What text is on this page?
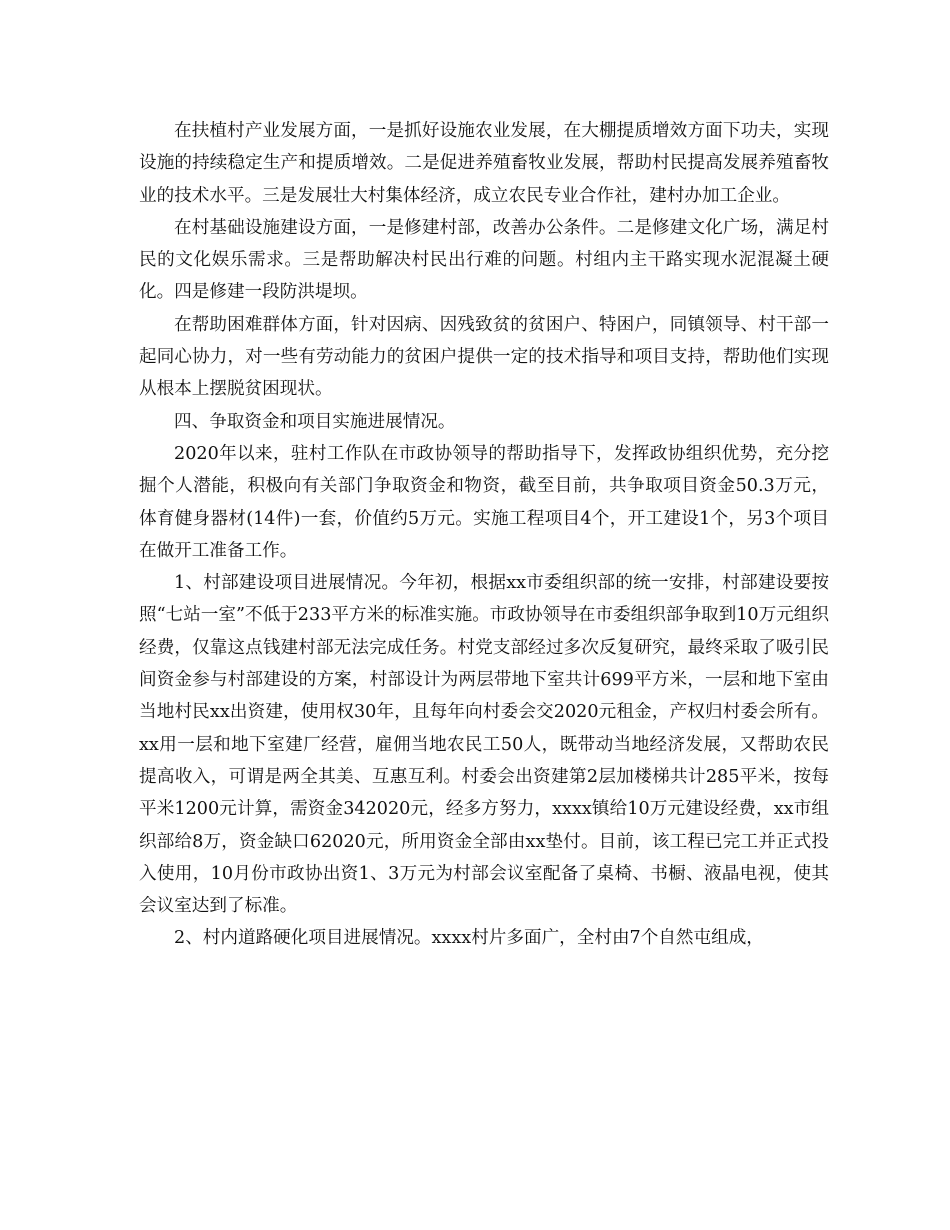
在扶植村产业发展方面，一是抓好设施农业发展，在大棚提质增效方面下功夫，实现设施的持续稳定生产和提质增效。二是促进养殖畜牧业发展，帮助村民提高发展养殖畜牧业的技术水平。三是发展壮大村集体经济，成立农民专业合作社，建村办加工企业。

在村基础设施建设方面，一是修建村部，改善办公条件。二是修建文化广场，满足村民的文化娱乐需求。三是帮助解决村民出行难的问题。村组内主干路实现水泥混凝土硬化。四是修建一段防洪堤坝。

在帮助困难群体方面，针对因病、因残致贫的贫困户、特困户，同镇领导、村干部一起同心协力，对一些有劳动能力的贫困户提供一定的技术指导和项目支持，帮助他们实现从根本上摆脱贫困现状。

四、争取资金和项目实施进展情况。

2020年以来，驻村工作队在市政协领导的帮助指导下，发挥政协组织优势，充分挖掘个人潜能，积极向有关部门争取资金和物资，截至目前，共争取项目资金50.3万元，体育健身器材(14件)一套，价值约5万元。实施工程项目4个，开工建设1个，另3个项目在做开工准备工作。

1、村部建设项目进展情况。今年初，根据xx市委组织部的统一安排，村部建设要按照“七站一室”不低于233平方米的标准实施。市政协领导在市委组织部争取到10万元组织经费，仅靠这点钱建村部无法完成任务。村党支部经过多次反复研究，最终采取了吸引民间资金参与村部建设的方案，村部设计为两层带地下室共计699平方米，一层和地下室由当地村民xx出资建，使用权30年，且每年向村委会交2020元租金，产权归村委会所有。xx用一层和地下室建厂经营，雇佣当地农民工50人，既带动当地经济发展，又帮助农民提高收入，可谓是两全其美、互惠互利。村委会出资建第2层加楼梯共计285平米，按每平米1200元计算，需资金342020元，经多方努力，xxxx镇给10万元建设经费，xx市组织部给8万，资金缺口62020元，所用资金全部由xx垫付。目前，该工程已完工并正式投入使用，10月份市政协出资1、3万元为村部会议室配备了桌椅、书橱、液晶电视，使其会议室达到了标准。

2、村内道路硬化项目进展情况。xxxx村片多面广，全村由7个自然屯组成，
